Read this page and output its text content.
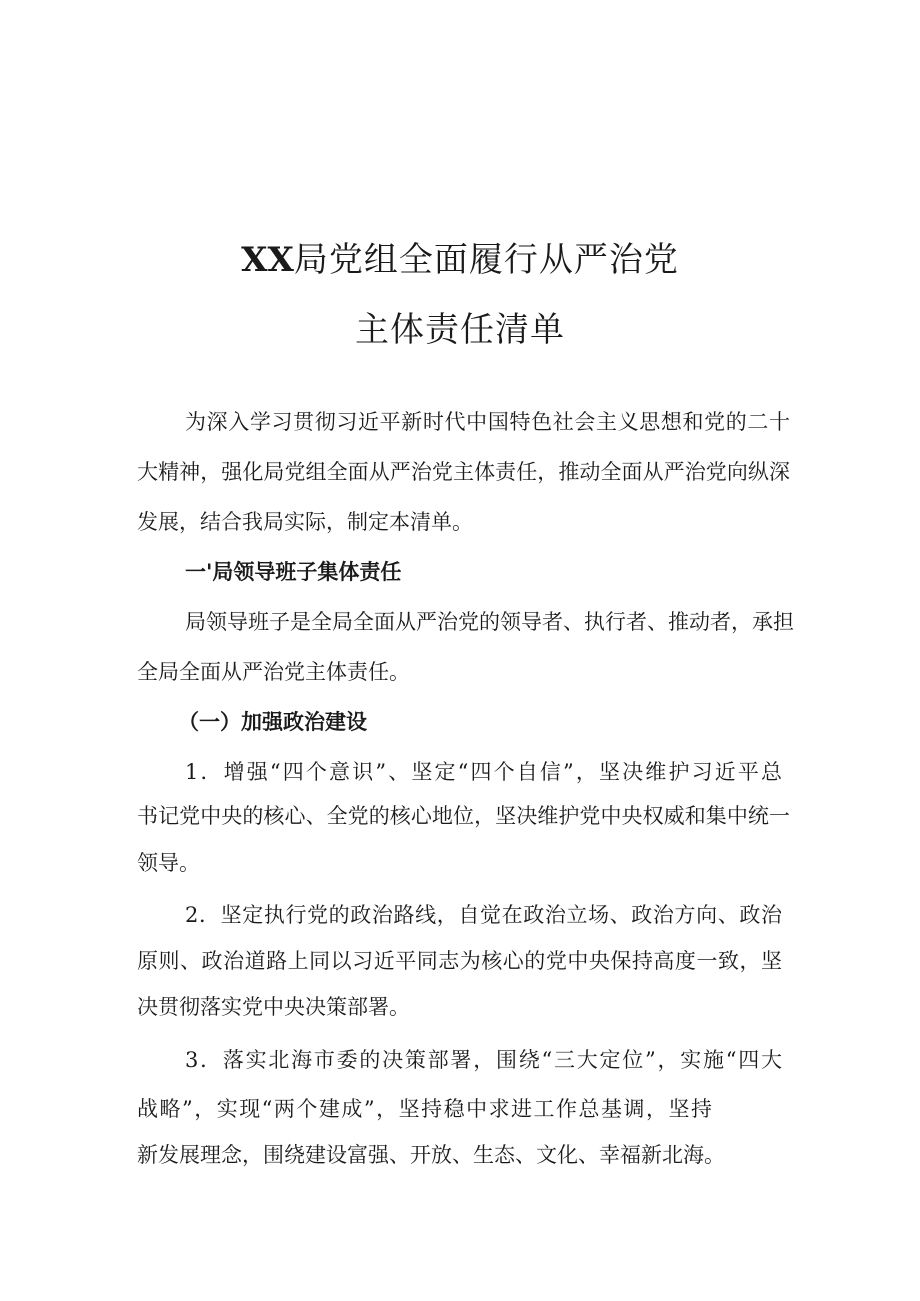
XX局党组全面履行从严治党
主体责任清单
为深入学习贯彻习近平新时代中国特色社会主义思想和党的二十
大精神，强化局党组全面从严治党主体责任，推动全面从严治党向纵深
发展，结合我局实际，制定本清单。
一'局领导班子集体责任
局领导班子是全局全面从严治党的领导者、执行者、推动者，承担
全局全面从严治党主体责任。
（一）加强政治建设
1．增强“四个意识”、坚定“四个自信”，坚决维护习近平总
书记党中央的核心、全党的核心地位，坚决维护党中央权威和集中统一
领导。
2．坚定执行党的政治路线，自觉在政治立场、政治方向、政治
原则、政治道路上同以习近平同志为核心的党中央保持高度一致，坚
决贯彻落实党中央决策部署。
3．落实北海市委的决策部署，围绕“三大定位”，实施“四大
战略”，实现“两个建成”，坚持稳中求进工作总基调，坚持
新发展理念，围绕建设富强、开放、生态、文化、幸福新北海。
